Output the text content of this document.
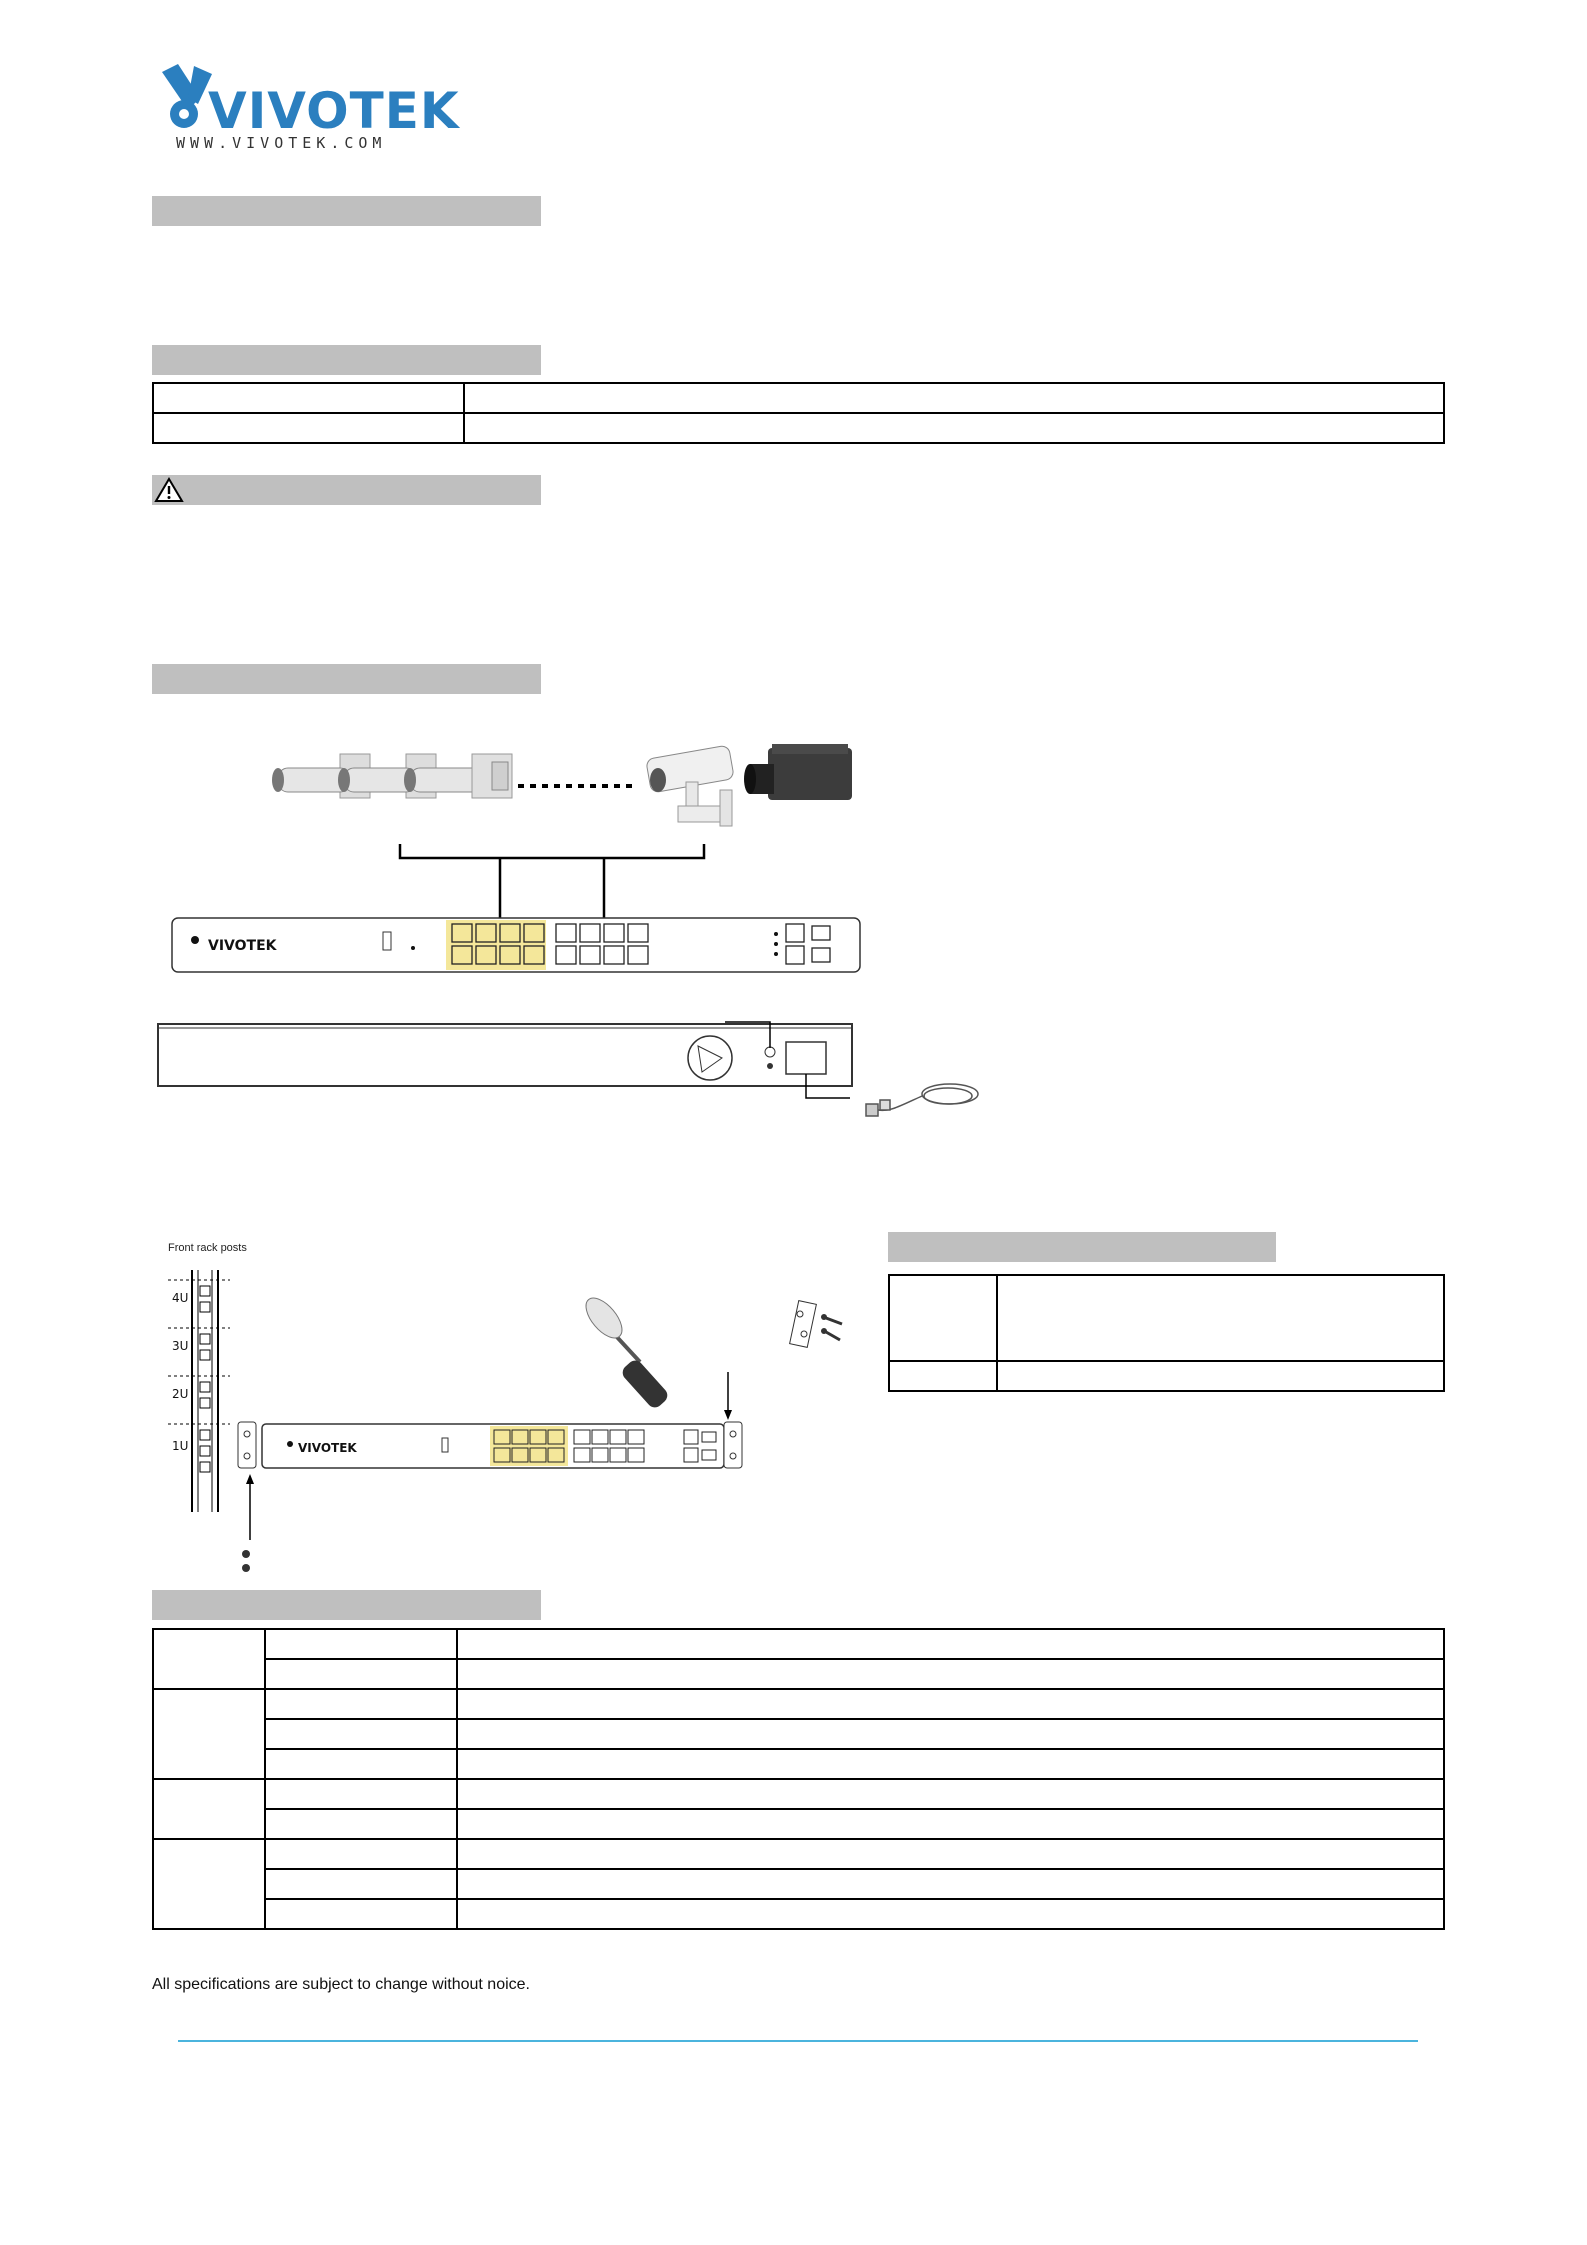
VIVOTEK
WWW.VIVOTEK.COM

VIVOTEK
Front rack posts
4U
3U
2U
1U	VIVOTEK

All specifications are subject to change without noice.
